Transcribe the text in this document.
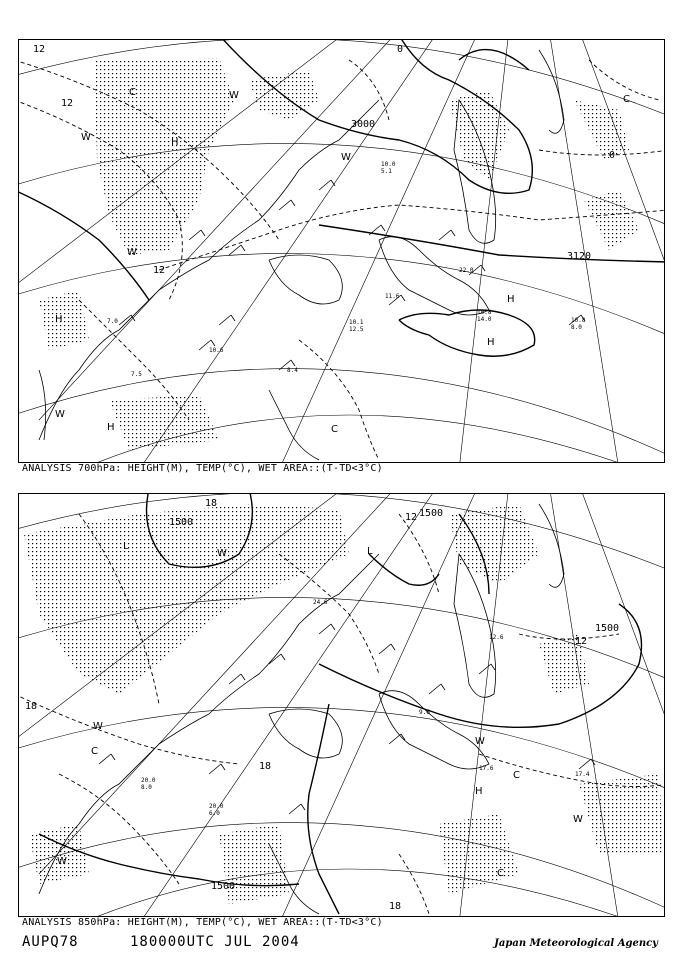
3000
3120
12
12
12
0
0
W
W
W
W
W	H
H
H
H
H
C
C
C
10.0
5.1
7.0
11.6
10.1
12.5
10.8
14.0	10.8
8.0
22.0
10.6
7.5
8.4
ANALYSIS 700hPa: HEIGHT(M), TEMP(°C), WET AREA::(T-TD<3°C)
1500
1500
1500
1500
18
18
18
18
12
12
W
W
W
W
W
L	L
H
C
C
C
24.6
17.6
17.4
20.0
20.0
8.0
6.0
9.6
12.6
ANALYSIS 850hPa: HEIGHT(M), TEMP(°C), WET AREA::(T-TD<3°C)
AUPQ78	180000UTC JUL 2004	Japan Meteorological Agency
